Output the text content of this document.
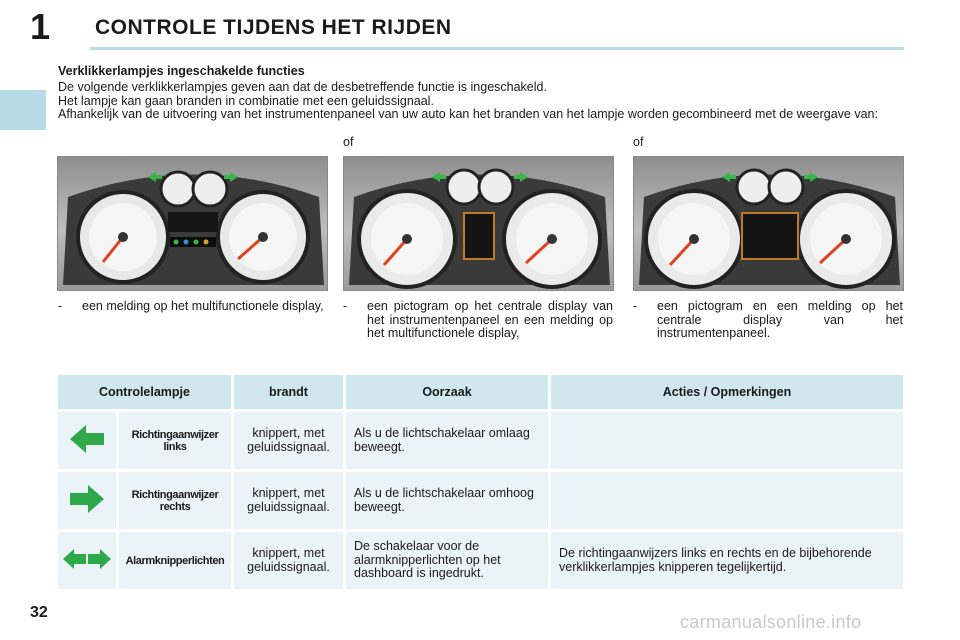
1 CONTROLE TIJDENS HET RIJDEN
Verklikkerlampjes ingeschakelde functies
De volgende verklikkerlampjes geven aan dat de desbetreffende functie is ingeschakeld.
Het lampje kan gaan branden in combinatie met een geluidssignaal.
Afhankelijk van de uitvoering van het instrumentenpaneel van uw auto kan het branden van het lampje worden gecombineerd met de weergave van:
of	of
-	een melding op het multifunctionele display,	-	een pictogram op het centrale display van het instrumentenpaneel en een melding op het multifunctionele display,
-	een pictogram en een melding op het centrale display van het instrumentenpaneel.
Controlelampje		brandt	Oorzaak	Acties / Opmerkingen
	Richtingaanwijzer links	knippert, met geluidssignaal.	Als u de lichtschakelaar omlaag beweegt.	
	Richtingaanwijzer rechts	knippert, met geluidssignaal.	Als u de lichtschakelaar omhoog beweegt.	
	Alarmknipperlichten	knippert, met geluidssignaal.	De schakelaar voor de alarmknipperlichten op het dashboard is ingedrukt.	De richtingaanwijzers links en rechts en de bijbehorende verklikkerlampjes knipperen tegelijkertijd.
32	carmanualsonline.info
